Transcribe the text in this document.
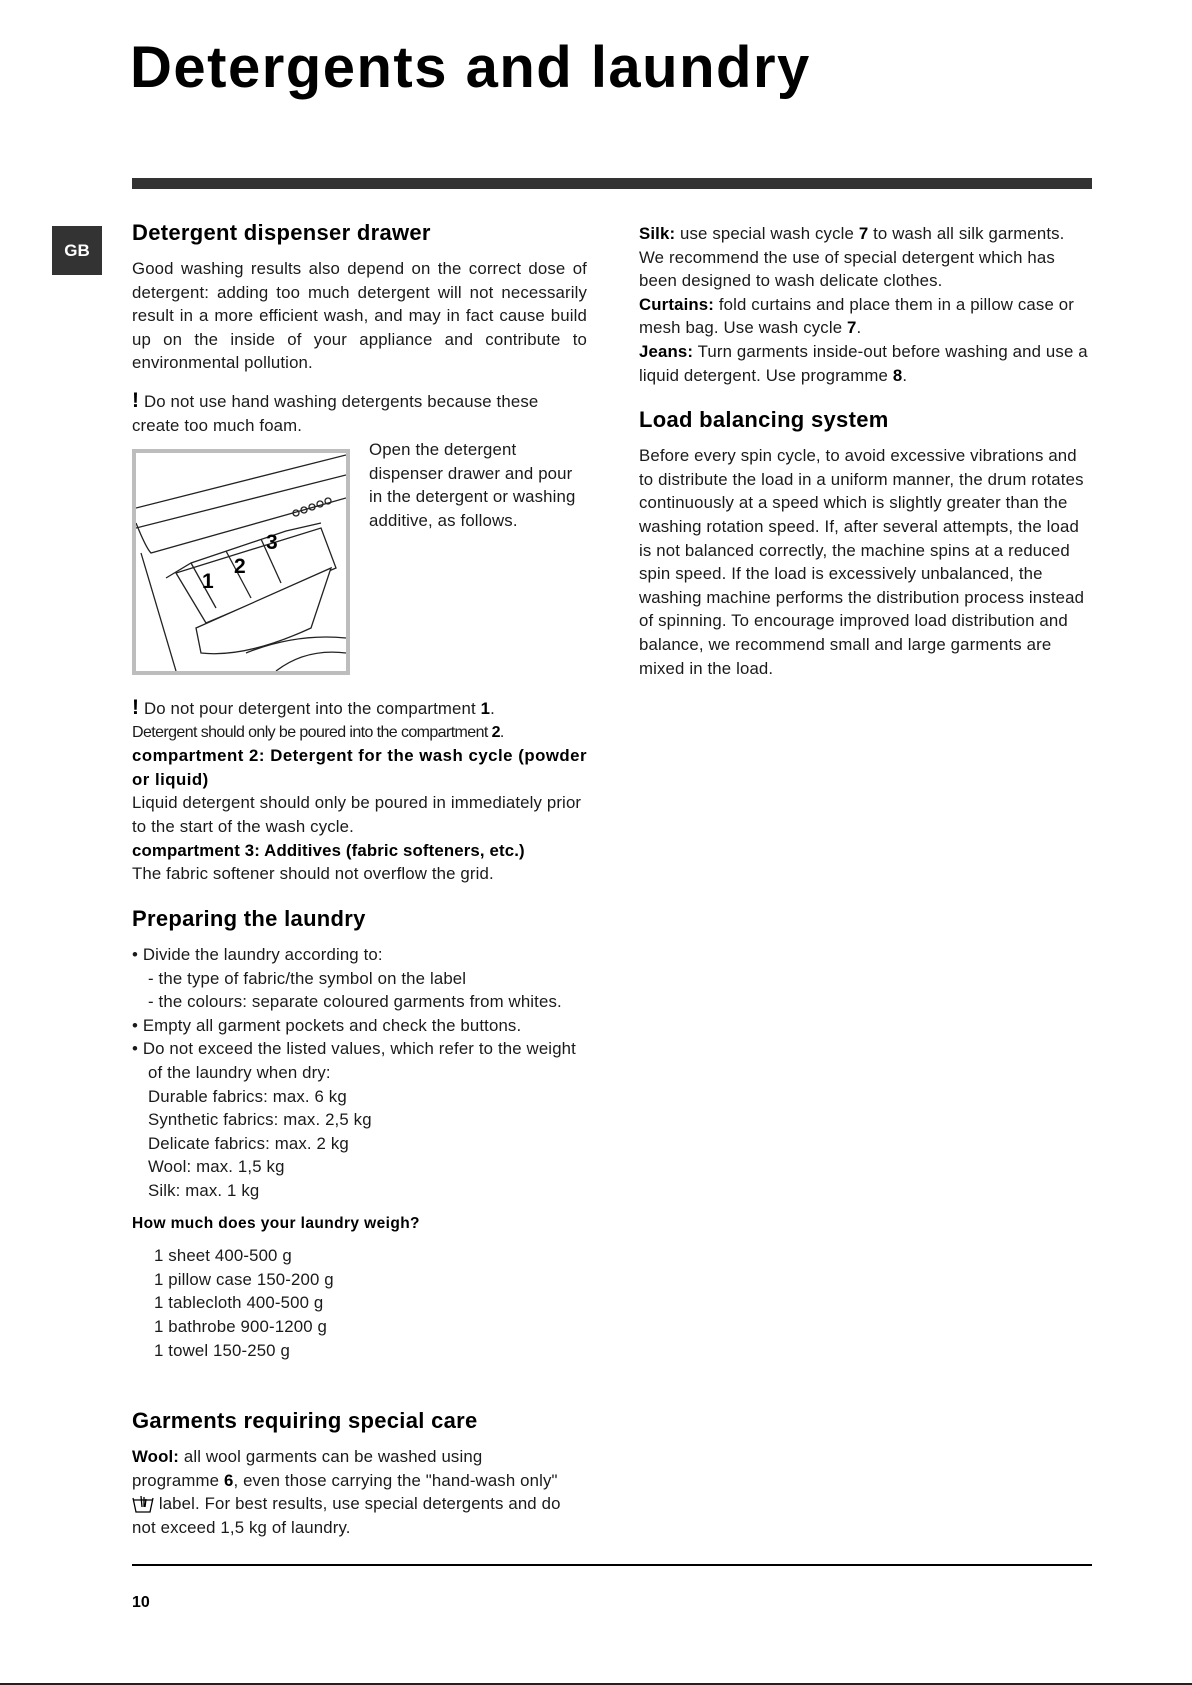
Detergents and laundry
GB
Detergent dispenser drawer

Good washing results also depend on the correct dose of detergent: adding too much detergent will not necessarily result in a more efficient wash, and may in fact cause build up on the inside of your appliance and contribute to environmental pollution.

! Do not use hand washing detergents because these create too much foam.

1
2
3
Open the detergent dispenser drawer and pour in the detergent or washing additive, as follows.

! Do not pour detergent into the compartment 1.

Detergent should only be poured into the compartment 2.

compartment 2: Detergent for the wash cycle (powder or liquid)

Liquid detergent should only be poured in immediately prior to the start of the wash cycle.

compartment 3: Additives (fabric softeners, etc.)

The fabric softener should not overflow the grid.

Preparing the laundry

• Divide the laundry according to:

- the type of fabric/the symbol on the label

- the colours: separate coloured garments from whites.

• Empty all garment pockets and check the buttons.

• Do not exceed the listed values, which refer to the weight of the laundry when dry:

Durable fabrics: max. 6 kg

Synthetic fabrics: max. 2,5 kg

Delicate fabrics: max. 2 kg

Wool: max. 1,5 kg

Silk: max. 1 kg

How much does your laundry weigh?

1 sheet 400-500 g

1 pillow case 150-200 g

1 tablecloth 400-500 g

1 bathrobe 900-1200 g

1 towel 150-250 g

Garments requiring special care

Wool: all wool garments can be washed using programme 6, even those carrying the "hand-wash only"  label. For best results, use special detergents and do not exceed 1,5 kg of laundry.

Silk: use special wash cycle 7 to wash all silk garments. We recommend the use of special detergent which has been designed to wash delicate clothes.

Curtains: fold curtains and place them in a pillow case or mesh bag. Use wash cycle 7.

Jeans: Turn garments inside-out before washing and use a liquid detergent. Use programme 8.

Load balancing system

Before every spin cycle, to avoid excessive vibrations and to distribute the load in a uniform manner, the drum rotates continuously at a speed which is slightly greater than the washing rotation speed. If, after several attempts, the load is not balanced correctly, the machine spins at a reduced spin speed. If the load is excessively unbalanced, the washing machine performs the distribution process instead of spinning. To encourage improved load distribution and balance, we recommend small and large garments are mixed in the load.

10
